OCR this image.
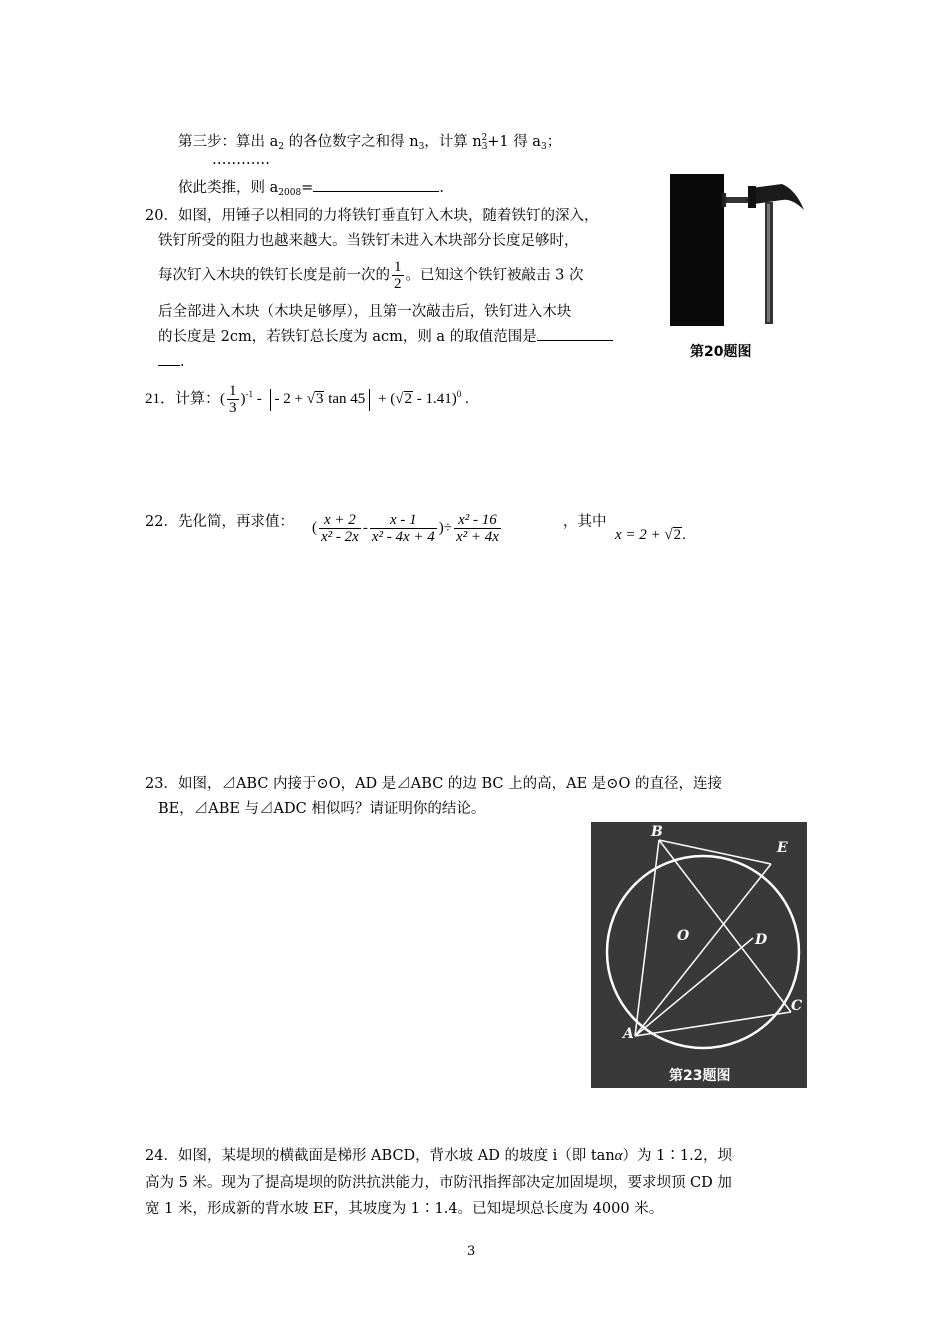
第三步：算出 $a_2$ 的各位数字之和得 $n_3$，计算 $n_3^2+1$ 得 $a_3$；
…………
依此类推，则 $a_{2008}=$	.
20．如图，用锤子以相同的力将铁钉垂直钉入木块，随着铁钉的深入，
铁钉所受的阻力也越来越大。当铁钉未进入木块部分长度足够时，
每次钉入木块的铁钉长度是前一次的 $\frac{1}{2}$ 。已知这个铁钉被敲击 3 次
后全部进入木块（木块足够厚），且第一次敲击后，铁钉进入木块
的长度是 2cm，若铁钉总长度为 acm，则 a 的取值范围是
.
第20题图
21．计算：( $\frac{1}{3} )^{-1}$ - - 2 + √3 tan 45 + (√2 - 1.41)$^0$ .
22．先化简，再求值： ( $\frac{x + 2}{\text{x² - 2x}} - \frac{x - 1}{\text{x² - 4x + 4}}$ )÷ $\frac{\text{x² - 16}}{\text{x² + 4x}}$	，其中
x = 2 + √2.
23．如图，⊿ABC 内接于⊙O，AD 是⊿ABC 的边 BC 上的高，AE 是⊙O 的直径，连接
BE，⊿ABE 与⊿ADC 相似吗？请证明你的结论。
B
E
O	D
C
A
第23题图
24．如图，某堤坝的横截面是梯形 ABCD，背水坡 AD 的坡度 i（即 tanα）为 1∶1.2，坝
高为 5 米。现为了提高堤坝的防洪抗洪能力，市防汛指挥部决定加固堤坝，要求坝顶 CD 加
宽 1 米，形成新的背水坡 EF，其坡度为 1∶1.4。已知堤坝总长度为 4000 米。
3
